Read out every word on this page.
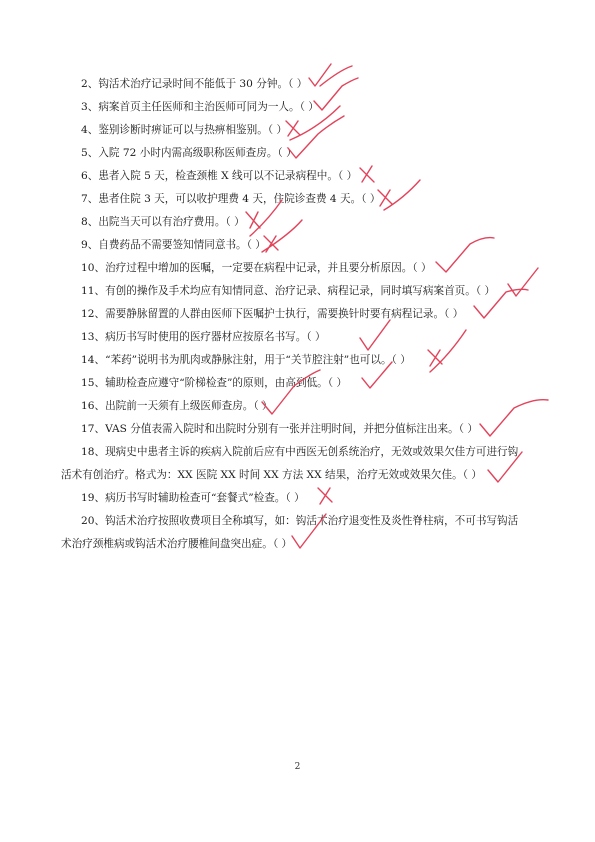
2、钩活术治疗记录时间不能低于 30 分钟。（ ）
3、病案首页主任医师和主治医师可同为一人。（ ）
4、鉴别诊断时痹证可以与热痹相鉴别。（ ）
5、入院 72 小时内需高级职称医师查房。（ ）
6、患者入院 5 天，检查颈椎 X 线可以不记录病程中。（ ）
7、患者住院 3 天，可以收护理费 4 天，住院诊查费 4 天。（ ）
8、出院当天可以有治疗费用。（ ）
9、自费药品不需要签知情同意书。（ ）
10、治疗过程中增加的医嘱，一定要在病程中记录，并且要分析原因。（ ）
11、有创的操作及手术均应有知情同意、治疗记录、病程记录，同时填写病案首页。（ ）
12、需要静脉留置的人群由医师下医嘱护士执行，需要换针时要有病程记录。（ ）
13、病历书写时使用的医疗器材应按原名书写。（ ）
14、“苯药”说明书为肌肉或静脉注射，用于“关节腔注射”也可以。（ ）
15、辅助检查应遵守“阶梯检查”的原则，由高到低。（ ）
16、出院前一天须有上级医师查房。（ ）
17、VAS 分值表需入院时和出院时分别有一张并注明时间，并把分值标注出来。（ ）
18、现病史中患者主诉的疾病入院前后应有中西医无创系统治疗，无效或效果欠佳方可进行钩
活术有创治疗。格式为：XX 医院 XX 时间 XX 方法 XX 结果，治疗无效或效果欠佳。（ ）
19、病历书写时辅助检查可“套餐式”检查。（ ）
20、钩活术治疗按照收费项目全称填写，如：钩活术治疗退变性及炎性脊柱病，不可书写钩活
术治疗颈椎病或钩活术治疗腰椎间盘突出症。（ ）
2
